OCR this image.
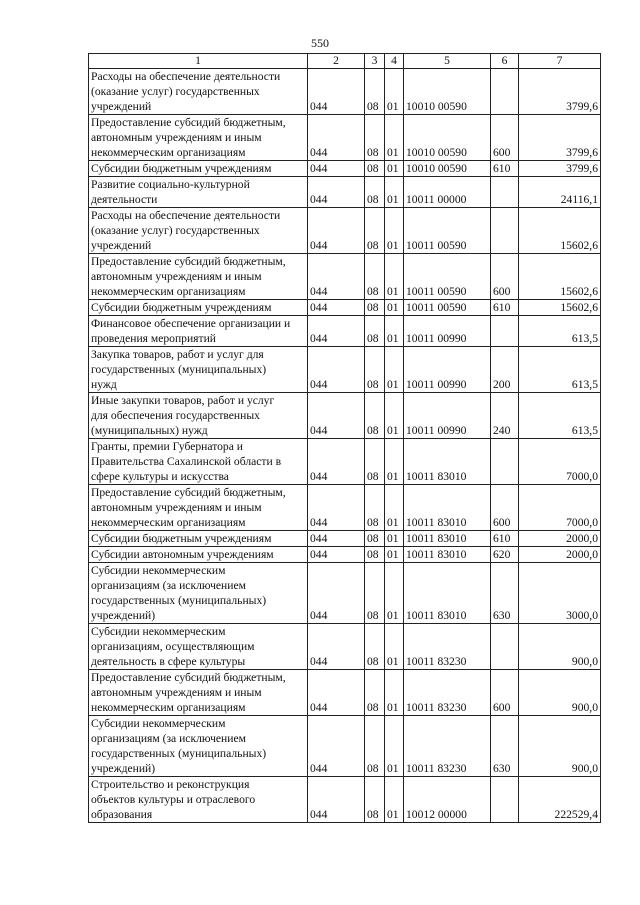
550
1	2	3	4	5	6	7
Расходы на обеспечение деятельности
(оказание услуг) государственных
учреждений	044	08	01	10010 00590		3799,6
Предоставление субсидий бюджетным,
автономным учреждениям и иным
некоммерческим организациям	044	08	01	10010 00590	600	3799,6
Субсидии бюджетным учреждениям	044	08	01	10010 00590	610	3799,6
Развитие социально-культурной
деятельности	044	08	01	10011 00000		24116,1
Расходы на обеспечение деятельности
(оказание услуг) государственных
учреждений	044	08	01	10011 00590		15602,6
Предоставление субсидий бюджетным,
автономным учреждениям и иным
некоммерческим организациям	044	08	01	10011 00590	600	15602,6
Субсидии бюджетным учреждениям	044	08	01	10011 00590	610	15602,6
Финансовое обеспечение организации и
проведения мероприятий	044	08	01	10011 00990		613,5
Закупка товаров, работ и услуг для
государственных (муниципальных)
нужд	044	08	01	10011 00990	200	613,5
Иные закупки товаров, работ и услуг
для обеспечения государственных
(муниципальных) нужд	044	08	01	10011 00990	240	613,5
Гранты, премии Губернатора и
Правительства Сахалинской области в
сфере культуры и искусства	044	08	01	10011 83010		7000,0
Предоставление субсидий бюджетным,
автономным учреждениям и иным
некоммерческим организациям	044	08	01	10011 83010	600	7000,0
Субсидии бюджетным учреждениям	044	08	01	10011 83010	610	2000,0
Субсидии автономным учреждениям	044	08	01	10011 83010	620	2000,0
Субсидии некоммерческим
организациям (за исключением
государственных (муниципальных)
учреждений)	044	08	01	10011 83010	630	3000,0
Субсидии некоммерческим
организациям, осуществляющим
деятельность в сфере культуры	044	08	01	10011 83230		900,0
Предоставление субсидий бюджетным,
автономным учреждениям и иным
некоммерческим организациям	044	08	01	10011 83230	600	900,0
Субсидии некоммерческим
организациям (за исключением
государственных (муниципальных)
учреждений)	044	08	01	10011 83230	630	900,0
Строительство и реконструкция
объектов культуры и отраслевого
образования	044	08	01	10012 00000		222529,4
